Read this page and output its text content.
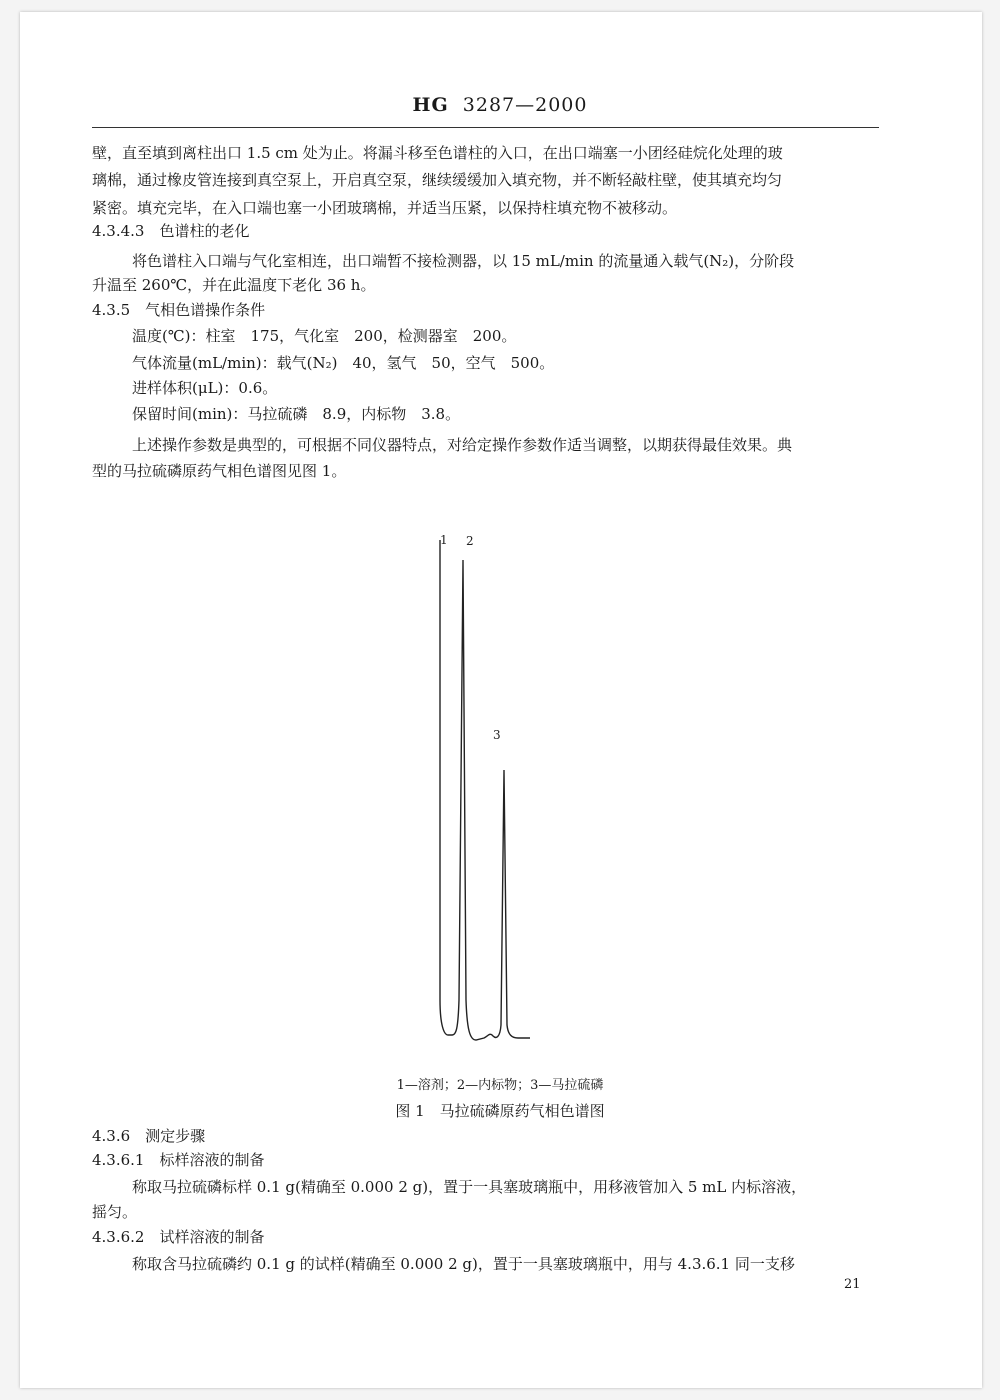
HG 3287—2000
壁，直至填到离柱出口 1.5 cm 处为止。将漏斗移至色谱柱的入口，在出口端塞一小团经硅烷化处理的玻
璃棉，通过橡皮管连接到真空泵上，开启真空泵，继续缓缓加入填充物，并不断轻敲柱壁，使其填充均匀
紧密。填充完毕，在入口端也塞一小团玻璃棉，并适当压紧，以保持柱填充物不被移动。
4.3.4.3　色谱柱的老化
将色谱柱入口端与气化室相连，出口端暂不接检测器，以 15 mL/min 的流量通入载气(N₂)，分阶段
升温至 260℃，并在此温度下老化 36 h。
4.3.5　气相色谱操作条件
温度(℃)：柱室　175，气化室　200，检测器室　200。
气体流量(mL/min)：载气(N₂)　40，氢气　50，空气　500。
进样体积(μL)：0.6。
保留时间(min)：马拉硫磷　8.9，内标物　3.8。
上述操作参数是典型的，可根据不同仪器特点，对给定操作参数作适当调整，以期获得最佳效果。典
型的马拉硫磷原药气相色谱图见图 1。
1 2
3
1—溶剂；2—内标物；3—马拉硫磷
图 1　马拉硫磷原药气相色谱图
4.3.6　测定步骤
4.3.6.1　标样溶液的制备
称取马拉硫磷标样 0.1 g(精确至 0.000 2 g)，置于一具塞玻璃瓶中，用移液管加入 5 mL 内标溶液，
摇匀。
4.3.6.2　试样溶液的制备
称取含马拉硫磷约 0.1 g 的试样(精确至 0.000 2 g)，置于一具塞玻璃瓶中，用与 4.3.6.1 同一支移
21
